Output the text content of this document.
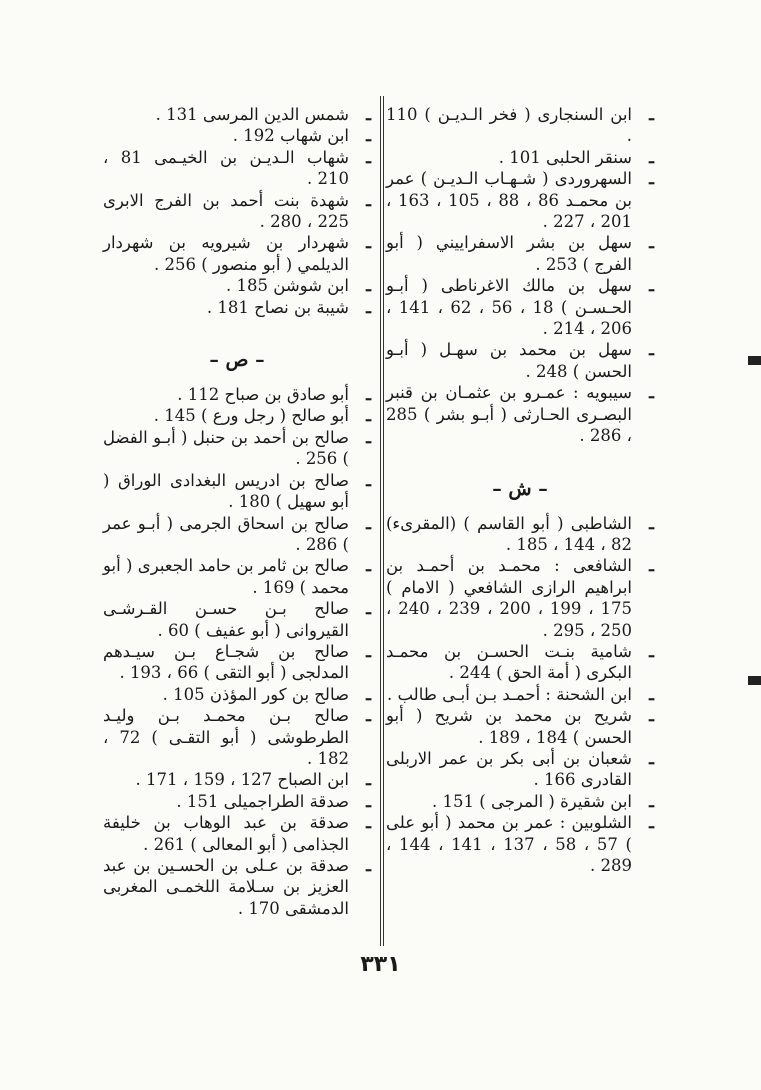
ـ
ابن السنجارى ( فخر الـديـن ) 110 .

ـ
سنقر الحلبى 101 .

ـ
السهروردى ( شـهـاب الـديـن ) عمر بن محمـد 86 ، 88 ، 105 ، 163 ، 201 ، 227 .

ـ
سهل بن بشر الاسفراييني ( أبو الفرج ) 253 .

ـ
سهل بن مالك الاغرناطى ( أبـو الحـسـن ) 18 ، 56 ، 62 ، 141 ، 206 ، 214 .

ـ
سهل بن محمد بن سهـل ( أبـو الحسن ) 248 .

ـ
سيبويه : عمـرو بن عثمـان بن قنبر البصـرى الحـارثى ( أبـو بشر ) 285 ، 286 .

– ش –

ـ
الشاطبى ( أبو القاسم ) (المقرىء) 82 ، 144 ، 185 .

ـ
الشافعى : محمـد بن أحمـد بن ابراهيم الرازى الشافعي ( الامام ) 175 ، 199 ، 200 ، 239 ، 240 ، 250 ، 295 .

ـ
شامية بنـت الحسـن بن محمـد البكرى ( أمة الحق ) 244 .

ـ
ابن الشحنة : أحمـد بـن أبـى طالب .

ـ
شريح بن محمد بن شريح ( أبو الحسن ) 184 ، 189 .

ـ
شعبان بن أبى بكر بن عمر الاربلى القادرى 166 .

ـ
ابن شقيرة ( المرجى ) 151 .

ـ
الشلوبين : عمر بن محمد ( أبو على ) 57 ، 58 ، 137 ، 141 ، 144 ، 289 .

ـ
شمس الدين المرسى 131 .

ـ
ابن شهاب 192 .

ـ
شهاب الـديـن بن الخيـمى 81 ، 210 .

ـ
شهدة بنت أحمد بن الفرج الابرى 225 ، 280 .

ـ
شهردار بن شيرويه بن شهردار الديلمي ( أبو منصور ) 256 .

ـ
ابن شوشن 185 .

ـ
شيبة بن نصاح 181 .

– ص –

ـ
أبو صادق بن صباح 112 .

ـ
أبو صالح ( رجل ورع ) 145 .

ـ
صالح بن أحمد بن حنبل ( أبـو الفضل ) 256 .

ـ
صالح بن ادريس البغدادى الوراق ( أبو سهيل ) 180 .

ـ
صالح بن اسحاق الجرمى ( أبـو عمر ) 286 .

ـ
صالح بن ثامر بن حامد الجعبرى ( أبو محمد ) 169 .

ـ
صالح بـن حسـن القـرشـى القيروانى ( أبو عفيف ) 60 .

ـ
صالح بن شجـاع بـن سيـدهم المدلجى ( أبو التقى ) 66 ، 193 .

ـ
صالح بن كور المؤذن 105 .

ـ
صالح بـن محمـد بـن وليـد الطرطوشى ( أبو التقـى ) 72 ، 182 .

ـ
ابن الصباح 127 ، 159 ، 171 .

ـ
صدقة الطراجميلى 151 .

ـ
صدقة بن عبد الوهاب بن خليفة الجذامى ( أبو المعالى ) 261 .

ـ
صدقة بن عـلى بن الحسـين بن عبد العزيز بن سـلامة اللخمـى المغربى الدمشقى 170 .

٣٣١
